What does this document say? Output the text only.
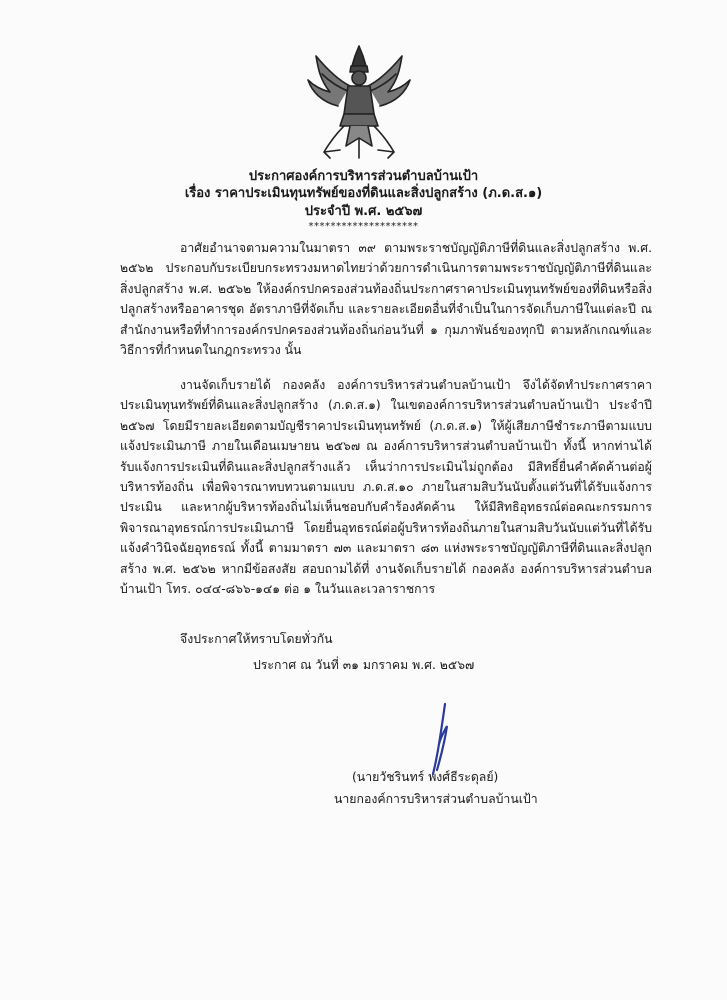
ประกาศองค์การบริหารส่วนตำบลบ้านเป้า
เรื่อง ราคาประเมินทุนทรัพย์ของที่ดินและสิ่งปลูกสร้าง (ภ.ด.ส.๑)
ประจำปี พ.ศ. ๒๕๖๗
********************

อาศัยอำนาจตามความในมาตรา ๓๙ ตามพระราชบัญญัติภาษีที่ดินและสิ่งปลูกสร้าง พ.ศ. ๒๕๖๒ ประกอบกับระเบียบกระทรวงมหาดไทยว่าด้วยการดำเนินการตามพระราชบัญญัติภาษีที่ดินและสิ่งปลูกสร้าง พ.ศ. ๒๕๖๒ ให้องค์กรปกครองส่วนท้องถิ่นประกาศราคาประเมินทุนทรัพย์ของที่ดินหรือสิ่งปลูกสร้างหรืออาคารชุด อัตราภาษีที่จัดเก็บ และรายละเอียดอื่นที่จำเป็นในการจัดเก็บภาษีในแต่ละปี ณ สำนักงานหรือที่ทำการองค์กรปกครองส่วนท้องถิ่นก่อนวันที่ ๑ กุมภาพันธ์ของทุกปี ตามหลักเกณฑ์และวิธีการที่กำหนดในกฎกระทรวง นั้น

งานจัดเก็บรายได้ กองคลัง องค์การบริหารส่วนตำบลบ้านเป้า จึงได้จัดทำประกาศราคาประเมินทุนทรัพย์ที่ดินและสิ่งปลูกสร้าง (ภ.ด.ส.๑) ในเขตองค์การบริหารส่วนตำบลบ้านเป้า ประจำปี ๒๕๖๗ โดยมีรายละเอียดตามบัญชีราคาประเมินทุนทรัพย์ (ภ.ด.ส.๑) ให้ผู้เสียภาษีชำระภาษีตามแบบแจ้งประเมินภาษี ภายในเดือนเมษายน ๒๕๖๗ ณ องค์การบริหารส่วนตำบลบ้านเป้า ทั้งนี้ หากท่านได้รับแจ้งการประเมินที่ดินและสิ่งปลูกสร้างแล้ว เห็นว่าการประเมินไม่ถูกต้อง มีสิทธิ์ยื่นคำคัดค้านต่อผู้บริหารท้องถิ่น เพื่อพิจารณาทบทวนตามแบบ ภ.ด.ส.๑๐ ภายในสามสิบวันนับตั้งแต่วันที่ได้รับแจ้งการประเมิน และหากผู้บริหารท้องถิ่นไม่เห็นชอบกับคำร้องคัดค้าน ให้มีสิทธิอุทธรณ์ต่อคณะกรรมการพิจารณาอุทธรณ์การประเมินภาษี โดยยื่นอุทธรณ์ต่อผู้บริหารท้องถิ่นภายในสามสิบวันนับแต่วันที่ได้รับแจ้งคำวินิจฉัยอุทธรณ์ ทั้งนี้ ตามมาตรา ๗๓ และมาตรา ๘๓ แห่งพระราชบัญญัติภาษีที่ดินและสิ่งปลูกสร้าง พ.ศ. ๒๕๖๒ หากมีข้อสงสัย สอบถามได้ที่ งานจัดเก็บรายได้ กองคลัง องค์การบริหารส่วนตำบลบ้านเป้า โทร. ๐๔๔-๘๖๖-๑๔๑ ต่อ ๑ ในวันและเวลาราชการ

จึงประกาศให้ทราบโดยทั่วกัน
ประกาศ ณ วันที่ ๓๑ มกราคม พ.ศ. ๒๕๖๗
(นายวัชรินทร์ พงศ์ธีระดุลย์)
นายกองค์การบริหารส่วนตำบลบ้านเป้า
